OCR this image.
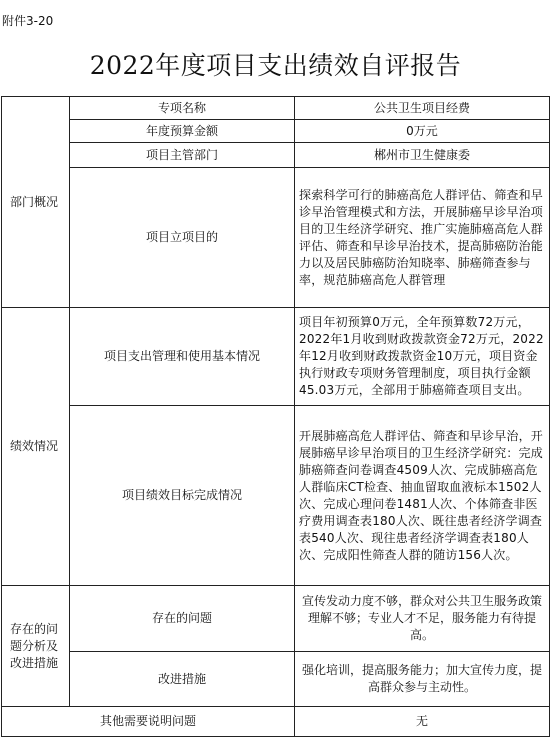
附件3-20
2022年度项目支出绩效自评报告
部门概况	专项名称	公共卫生项目经费
	年度预算金额	0万元
	项目主管部门	郴州市卫生健康委
	项目立项目的	探索科学可行的肺癌高危人群评估、筛查和早诊早治管理模式和方法，开展肺癌早诊早治项目的卫生经济学研究、推广实施肺癌高危人群评估、筛查和早诊早治技术，提高肺癌防治能力以及居民肺癌防治知晓率、肺癌筛查参与率，规范肺癌高危人群管理
绩效情况	项目支出管理和使用基本情况	项目年初预算0万元，全年预算数72万元，2022年1月收到财政拨款资金72万元，2022年12月收到财政拨款资金10万元，项目资金执行财政专项财务管理制度，项目执行金额45.03万元，全部用于肺癌筛查项目支出。
	项目绩效目标完成情况	开展肺癌高危人群评估、筛查和早诊早治，开展肺癌早诊早治项目的卫生经济学研究：完成肺癌筛查问卷调查4509人次、完成肺癌高危人群临床CT检查、抽血留取血液标本1502人次、完成心理问卷1481人次、个体筛查非医疗费用调查表180人次、既往患者经济学调查表540人次、现往患者经济学调查表180人次、完成阳性筛查人群的随访156人次。
存在的问题分析及改进措施	存在的问题	宣传发动力度不够，群众对公共卫生服务政策理解不够；专业人才不足，服务能力有待提高。
	改进措施	强化培训，提高服务能力；加大宣传力度，提高群众参与主动性。
其他需要说明问题		无
